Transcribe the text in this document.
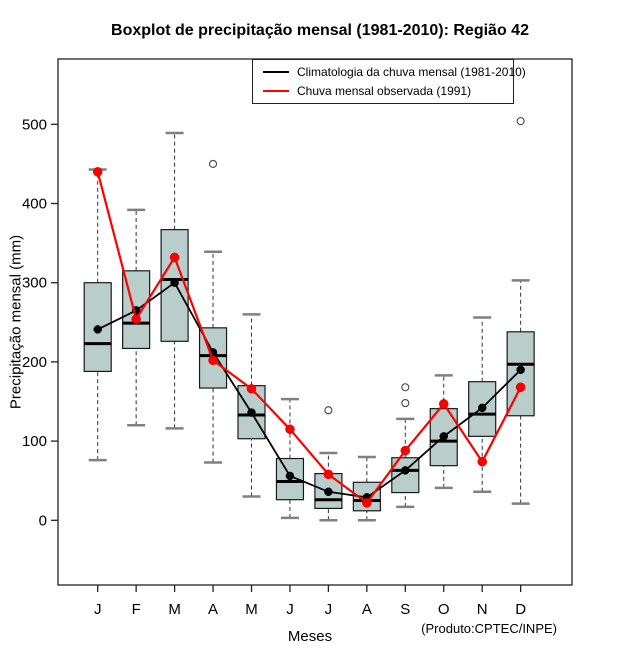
Boxplot de precipitação mensal (1981-2010): Região 42
0
100
200
300
400
500
J F M A M J J A S O N D
Climatologia da chuva mensal (1981-2010)
Chuva mensal observada (1991)
Precipitação mensal (mm)
Meses	(Produto:CPTEC/INPE)
